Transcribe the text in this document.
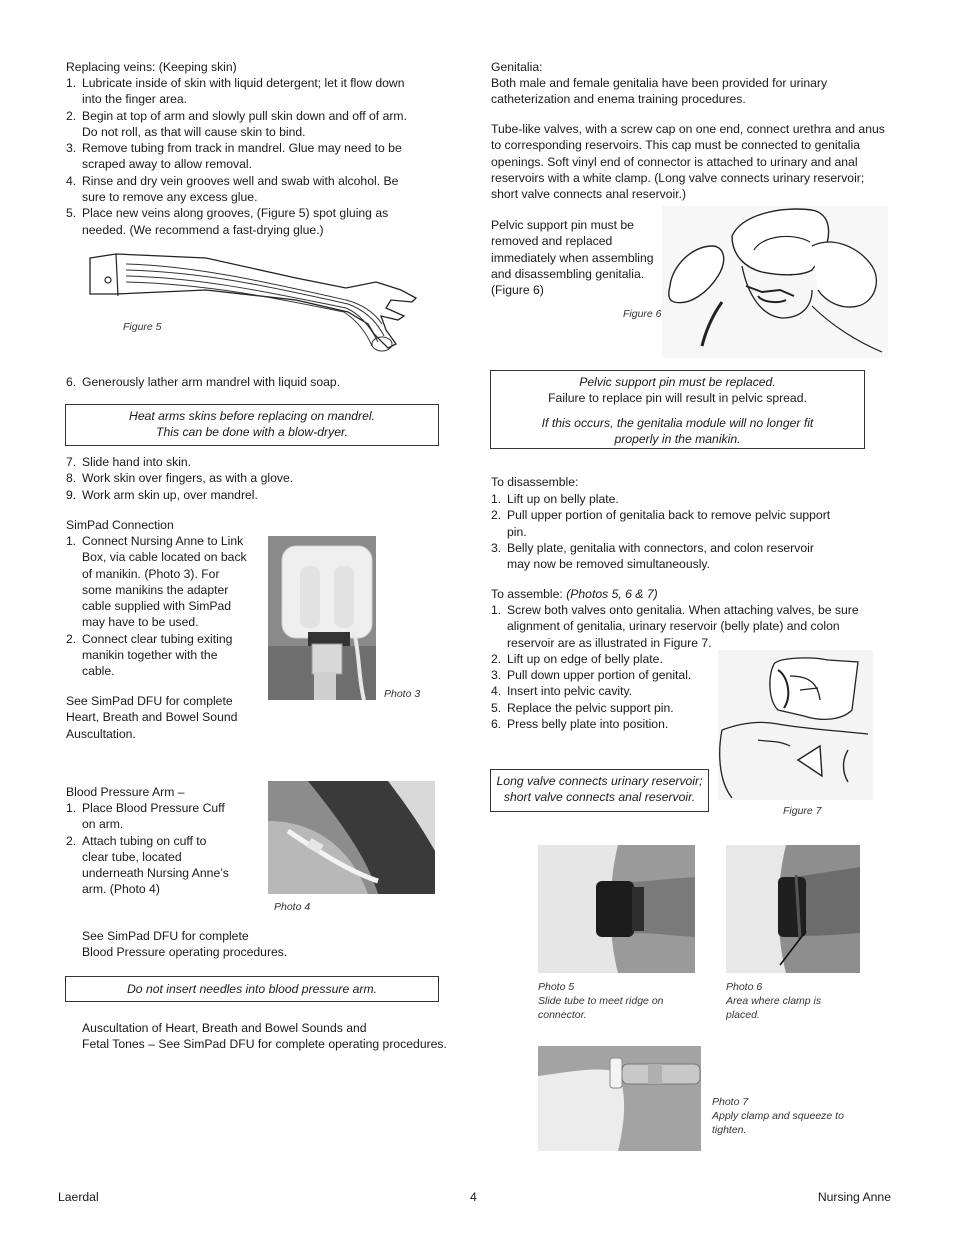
Replacing veins: (Keeping skin)
1. Lubricate inside of skin with liquid detergent; let it flow down into the finger area.
2. Begin at top of arm and slowly pull skin down and off of arm. Do not roll, as that will cause skin to bind.
3. Remove tubing from track in mandrel. Glue may need to be scraped away to allow removal.
4. Rinse and dry vein grooves well and swab with alcohol. Be sure to remove any excess glue.
5. Place new veins along grooves, (Figure 5) spot gluing as needed. (We recommend a fast-drying glue.)
Figure 5
6. Generously lather arm mandrel with liquid soap.

Heat arms skins before replacing on mandrel.

This can be done with a blow-dryer.

7. Slide hand into skin.
8. Work skin over fingers, as with a glove.
9. Work arm skin up, over mandrel.
SimPad Connection
1. Connect Nursing Anne to Link Box, via cable located on back of manikin. (Photo 3). For some manikins the adapter cable supplied with SimPad may have to be used.
2. Connect clear tubing exiting manikin together with the cable.
See SimPad DFU for complete Heart, Breath and Bowel Sound Auscultation.
Photo 3
Blood Pressure Arm –
1. Place Blood Pressure Cuff on arm.
2. Attach tubing on cuff to clear tube, located underneath Nursing Anne’s arm. (Photo 4)
Photo 4
See SimPad DFU for complete
Blood Pressure operating procedures.

Do not insert needles into blood pressure arm.

Auscultation of Heart, Breath and Bowel Sounds and
Fetal Tones – See SimPad DFU for complete operating procedures.
Genitalia:
Both male and female genitalia have been provided for urinary catheterization and enema training procedures.
Tube-like valves, with a screw cap on one end, connect urethra and anus to corresponding reservoirs. This cap must be connected to genitalia openings. Soft vinyl end of connector is attached to urinary and anal reservoirs with a white clamp. (Long valve connects urinary reservoir; short valve connects anal reservoir.)
Pelvic support pin must be removed and replaced immediately when assembling and disassembling genitalia. (Figure 6)
Figure 6

Pelvic support pin must be replaced.

Failure to replace pin will result in pelvic spread.

If this occurs, the genitalia module will no longer fit properly in the manikin.

To disassemble:
1. Lift up on belly plate.
2. Pull upper portion of genitalia back to remove pelvic support pin.
3. Belly plate, genitalia with connectors, and colon reservoir may now be removed simultaneously.
To assemble: (Photos 5, 6 & 7)
1. Screw both valves onto genitalia. When attaching valves, be sure alignment of genitalia, urinary reservoir (belly plate) and colon reservoir are as illustrated in Figure 7.
2. Lift up on edge of belly plate.
3. Pull down upper portion of genital.
4. Insert into pelvic cavity.
5. Replace the pelvic support pin.
6. Press belly plate into position.
Figure 7

Long valve connects urinary reservoir; short valve connects anal reservoir.

Photo 5
Slide tube to meet ridge on connector.
Photo 6
Area where clamp is placed.
Photo 7
Apply clamp and squeeze to tighten.
Laerdal	4	Nursing Anne
